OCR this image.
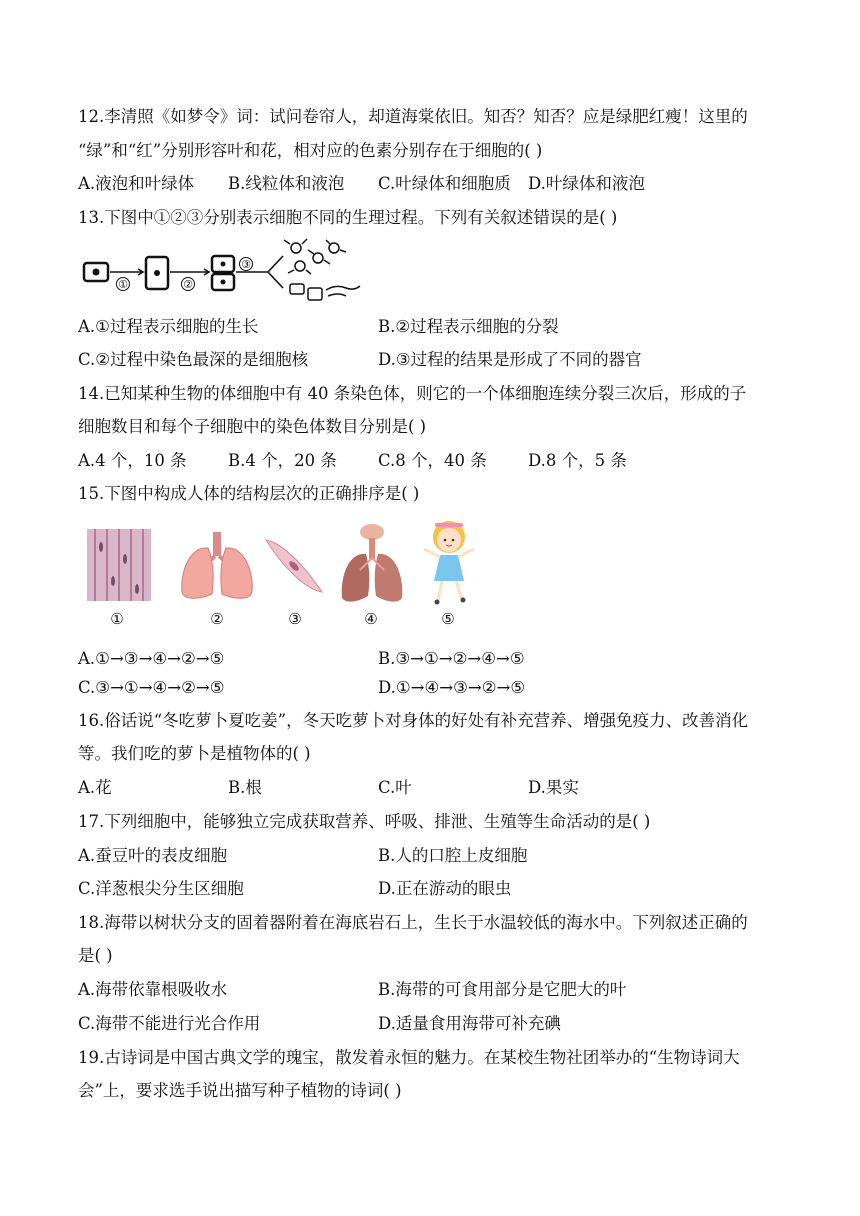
12.李清照《如梦令》词：试问卷帘人，却道海棠依旧。知否？知否？应是绿肥红瘦！这里的
“绿”和“红”分别形容叶和花，相对应的色素分别存在于细胞的( )
A.液泡和叶绿体 B.线粒体和液泡 C.叶绿体和细胞质 D.叶绿体和液泡
13.下图中①②③分别表示细胞不同的生理过程。下列有关叙述错误的是( )
①	②
③
A.①过程表示细胞的生长	B.②过程表示细胞的分裂
C.②过程中染色最深的是细胞核	D.③过程的结果是形成了不同的器官
14.已知某种生物的体细胞中有 40 条染色体，则它的一个体细胞连续分裂三次后，形成的子
细胞数目和每个子细胞中的染色体数目分别是( )
A.4 个，10 条	B.4 个，20 条 C.8 个，40 条 D.8 个，5 条
15.下图中构成人体的结构层次的正确排序是( )
①	②	③	④	⑤
A.①→③→④→②→⑤	B.③→①→②→④→⑤
C.③→①→④→②→⑤	D.①→④→③→②→⑤
16.俗话说“冬吃萝卜夏吃姜”，冬天吃萝卜对身体的好处有补充营养、增强免疫力、改善消化
等。我们吃的萝卜是植物体的( )
A.花	B.根	C.叶	D.果实
17.下列细胞中，能够独立完成获取营养、呼吸、排泄、生殖等生命活动的是( )
A.蚕豆叶的表皮细胞	B.人的口腔上皮细胞
C.洋葱根尖分生区细胞	D.正在游动的眼虫
18.海带以树状分支的固着器附着在海底岩石上，生长于水温较低的海水中。下列叙述正确的
是( )
A.海带依靠根吸收水	B.海带的可食用部分是它肥大的叶
C.海带不能进行光合作用	D.适量食用海带可补充碘
19.古诗词是中国古典文学的瑰宝，散发着永恒的魅力。在某校生物社团举办的“生物诗词大
会”上，要求选手说出描写种子植物的诗词( )
